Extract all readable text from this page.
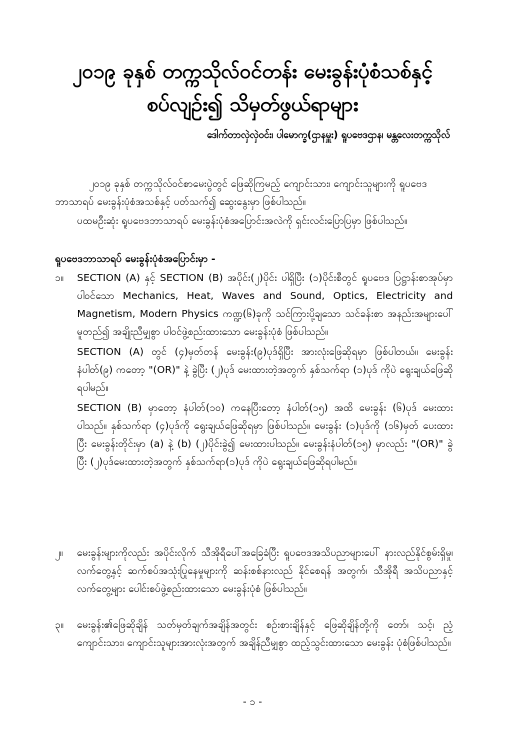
၂၀၁၉ ခုနှစ် တက္ကသိုလ်ဝင်တန်း မေးခွန်းပုံစံသစ်နှင့်
စပ်လျဉ်း၍ သိမှတ်ဖွယ်ရာများ

ဒေါက်တာလှဲလှဲဝင်း၊ ပါမောက္ခ(ဌာနမှူး) ရူပဗေဒဌာန၊ မန္တလေးတက္ကသိုလ်

၂၀၁၉ ခုနှစ် တက္ကသိုလ်ဝင်စာမေးပွဲတွင် ဖြေဆိုကြမည့် ကျောင်းသား၊ ကျောင်းသူများကို ရူပဗေဒဘာသာရပ် မေးခွန်းပုံစံအသစ်နှင့် ပတ်သက်၍ ဆွေးနွေးမှာ ဖြစ်ပါသည်။

ပထမဦးဆုံး ရူပဗေဒဘာသာရပ် မေးခွန်းပုံစံအပြောင်းအလဲကို ရှင်းလင်းပြောပြမှာ ဖြစ်ပါသည်။

ရူပဗေဒဘာသာရပ် မေးခွန်းပုံစံအပြောင်းမှာ -

၁။	SECTION (A) နှင့် SECTION (B) အပိုင်း(၂)ပိုင်း ပါရှိပြီး (၁)ပိုင်းစီတွင် ရူပဗေဒ ပြဋ္ဌာန်းစာအုပ်မှာ ပါဝင်သော Mechanics, Heat, Waves and Sound, Optics, Electricity and Magnetism, Modern Physics ကဏ္ဍ(၆)ခုကို သင်ကြားပို့ချသော သင်ခန်းစာ အနည်းအများပေါ်မူတည်၍ အချိုးညီမျှစွာ ပါဝင်ဖွဲ့စည်းထားသော မေးခွန်းပုံစံ ဖြစ်ပါသည်။

SECTION (A) တွင် (၄)မှတ်တန် မေးခွန်း(၉)ပုဒ်ရှိပြီး အားလုံးဖြေဆိုရမှာ ဖြစ်ပါတယ်။ မေးခွန်းနံပါတ်(၉) ကတော့ "(OR)" နဲ့ ခွဲပြီး (၂)ပုဒ် မေးထားတဲ့အတွက် နှစ်သက်ရာ (၁)ပုဒ် ကိုပဲ ရွေးချယ်ဖြေဆိုရပါမည်။

SECTION (B) မှာတော့ နံပါတ်(၁၀) ကနေပြီးတော့ နံပါတ်(၁၅) အထိ မေးခွန်း (၆)ပုဒ် မေးထားပါသည်။ နှစ်သက်ရာ (၄)ပုဒ်ကို ရွေးချယ်ဖြေဆိုရမှာ ဖြစ်ပါသည်။ မေးခွန်း (၁)ပုဒ်ကို (၁၆)မှတ် ပေးထားပြီး မေးခွန်းတိုင်းမှာ (a) နဲ့ (b) (၂)ပိုင်းခွဲ၍ မေးထားပါသည်။ မေးခွန်းနံပါတ်(၁၅) မှာလည်း "(OR)" ခွဲပြီး (၂)ပုဒ်မေးထားတဲ့အတွက် နှစ်သက်ရာ(၁)ပုဒ် ကိုပဲ ရွေးချယ်ဖြေဆိုရပါမည်။

၂။	မေးခွန်းများကိုလည်း အပိုင်းလိုက် သီအိုရီပေါ်အခြေခံပြီး ရူပဗေဒအသိပညာများပေါ် နားလည်နိုင်စွမ်းရှိမှု၊ လက်တွေ့နှင့် ဆက်စပ်အသုံးပြုနေမှုများကို ဆန်းစစ်နားလည် နိုင်စေရန် အတွက်၊ သီအိုရီ အသိပညာနှင့် လက်တွေ့များ ပေါင်းစပ်ဖွဲ့စည်းထားသော မေးခွန်းပုံစံ ဖြစ်ပါသည်။

၃။	မေးခွန်း၏ဖြေဆိုချိန် သတ်မှတ်ချက်အချိန်အတွင်း စဉ်းစားချိန်နှင့် ဖြေဆိုချိန်တို့ကို တော်၊ သင့်၊ ညံ့ ကျောင်းသား၊ ကျောင်းသူများအားလုံးအတွက် အချိန်ညီမျှ‌စွာ ထည့်သွင်းထားသော မေးခွန်း ပုံစံဖြစ်ပါသည်။

- ၁ -
